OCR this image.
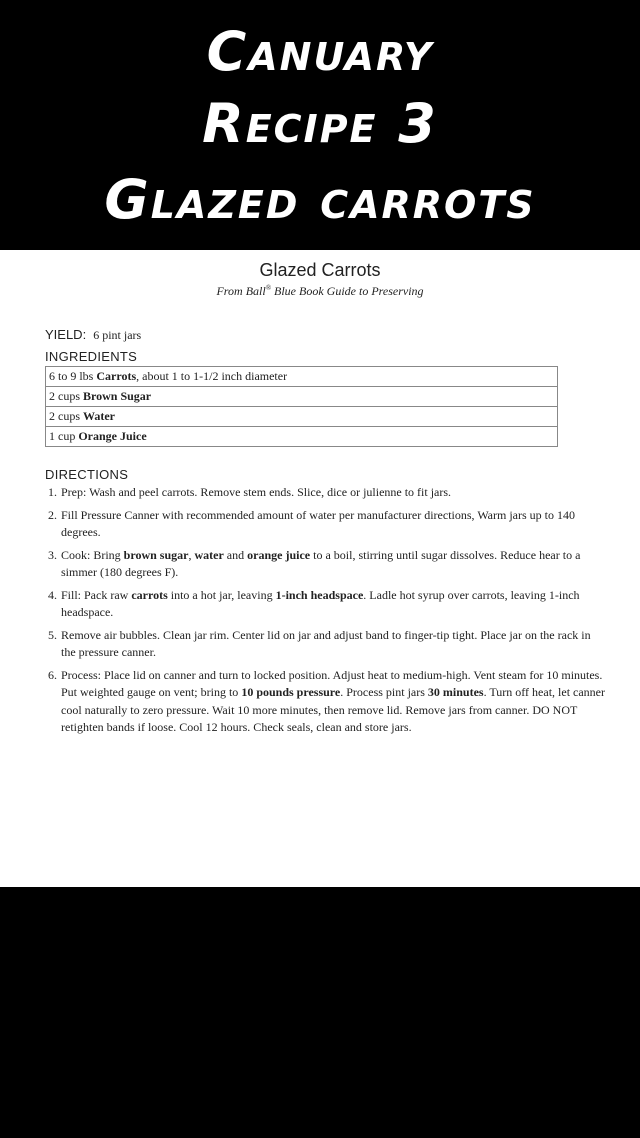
Canuary
Recipe 3
Glazed carrots
Glazed Carrots
From Ball® Blue Book Guide to Preserving
YIELD: 6 pint jars
INGREDIENTS
6 to 9 lbs Carrots, about 1 to 1-1/2 inch diameter
2 cups Brown Sugar
2 cups Water
1 cup Orange Juice
DIRECTIONS
1. Prep: Wash and peel carrots. Remove stem ends. Slice, dice or julienne to fit jars.
2. Fill Pressure Canner with recommended amount of water per manufacturer directions, Warm jars up to 140 degrees.
3. Cook: Bring brown sugar, water and orange juice to a boil, stirring until sugar dissolves. Reduce hear to a simmer (180 degrees F).
4. Fill: Pack raw carrots into a hot jar, leaving 1-inch headspace. Ladle hot syrup over carrots, leaving 1-inch headspace.
5. Remove air bubbles. Clean jar rim. Center lid on jar and adjust band to finger-tip tight. Place jar on the rack in the pressure canner.
6. Process: Place lid on canner and turn to locked position. Adjust heat to medium-high. Vent steam for 10 minutes. Put weighted gauge on vent; bring to 10 pounds pressure. Process pint jars 30 minutes. Turn off heat, let canner cool naturally to zero pressure. Wait 10 more minutes, then remove lid. Remove jars from canner. DO NOT retighten bands if loose. Cool 12 hours. Check seals, clean and store jars.
